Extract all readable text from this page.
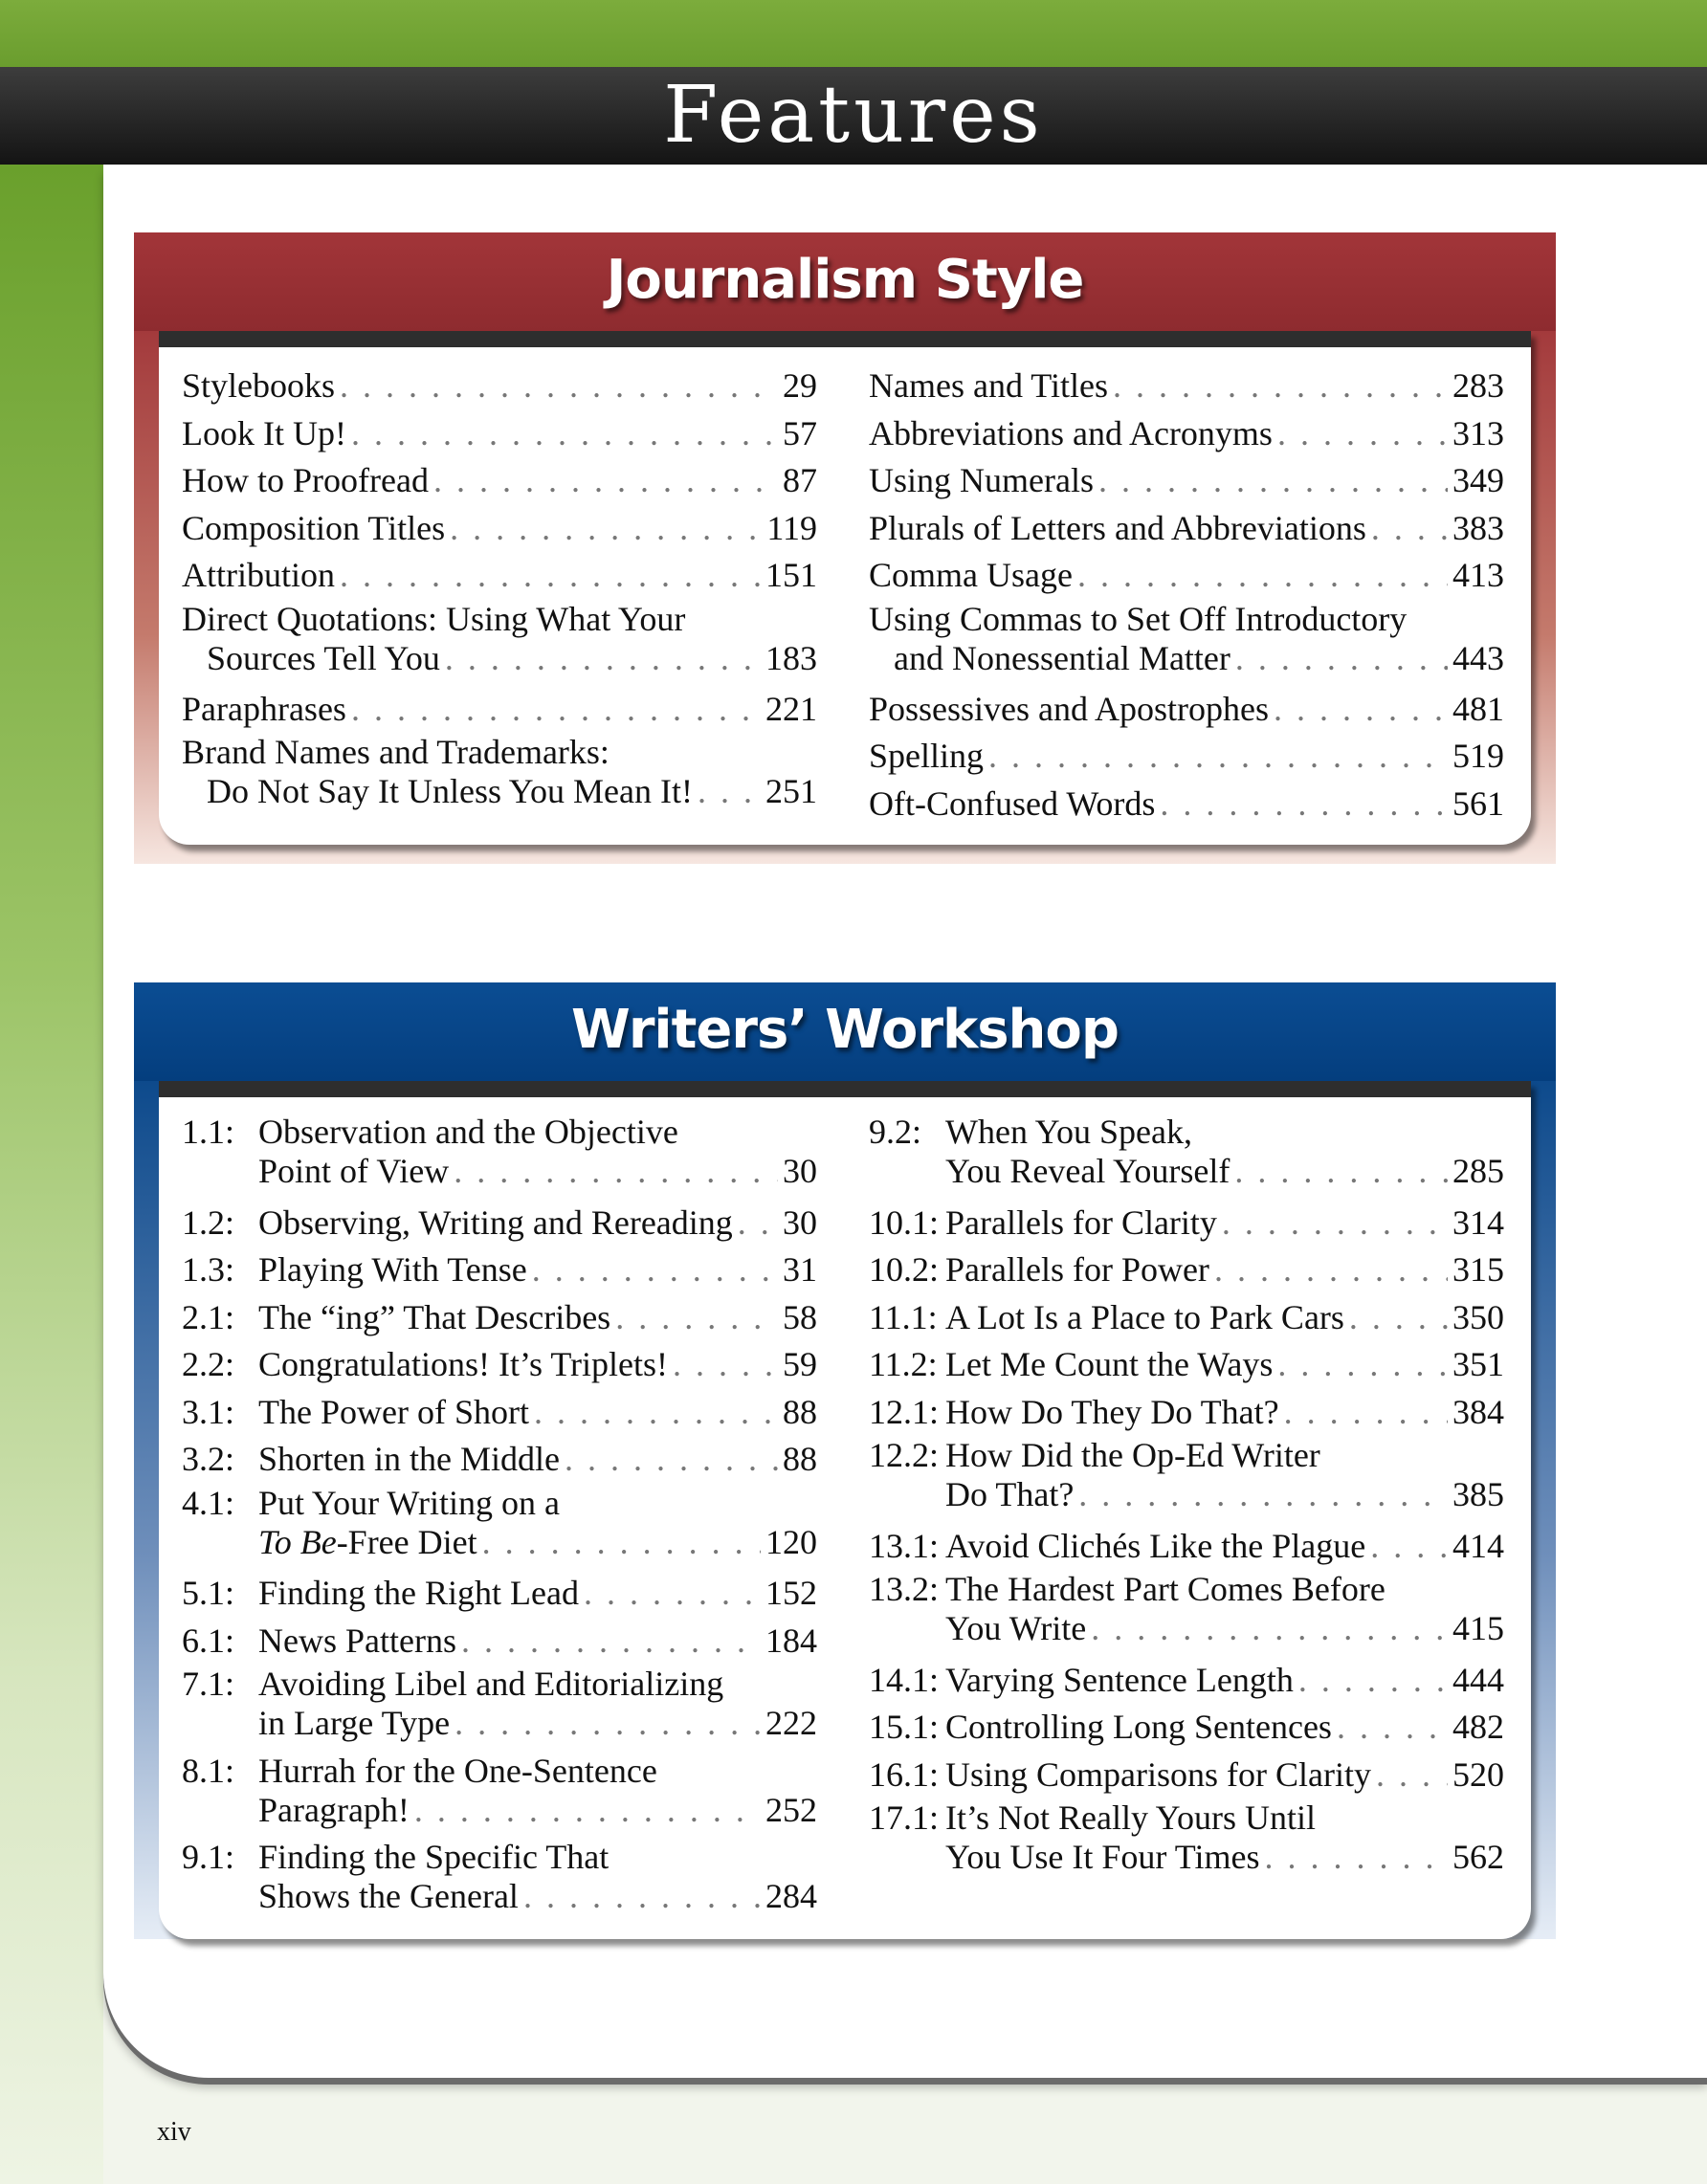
Features
Journalism Style
Stylebooks . . .	29
Look It Up! . . .	57
How to Proofread . . .	87
Composition Titles . . .	119
Attribution . . .	151
Direct Quotations: Using What Your
Sources Tell You . . .	183
Paraphrases . . .	221
Brand Names and Trademarks:
Do Not Say It Unless You Mean It! . . . 251
Names and Titles . . .	283
Abbreviations and Acronyms . . .	313
Using Numerals . . .	349
Plurals of Letters and Abbreviations . . .	383
Comma Usage . . .	413
Using Commas to Set Off Introductory
and Nonessential Matter . . .	443
Possessives and Apostrophes . . .	481
Spelling . . .	519
Oft-Confused Words . . .	561
Writers’ Workshop
1.1: Observation and the Objective
Point of View . . .	30
1.2: Observing, Writing and Rereading . . . 30
1.3: Playing With Tense . . .	31
2.1: The “ing” That Describes . . .	58
2.2: Congratulations! It’s Triplets! . . .	59
3.1: The Power of Short . . .	88
3.2: Shorten in the Middle . . .	88
4.1: Put Your Writing on a
To Be-Free Diet . . .	120
5.1: Finding the Right Lead . . .	152
6.1: News Patterns . . .	184
7.1: Avoiding Libel and Editorializing
in Large Type . . .	222
8.1: Hurrah for the One-Sentence
Paragraph! . . .	252
9.1: Finding the Specific That
Shows the General . . .	284
9.2: When You Speak,
You Reveal Yourself . . .	285
10.1: Parallels for Clarity . . .	314
10.2: Parallels for Power . . .	315
11.1: A Lot Is a Place to Park Cars . . .	350
11.2: Let Me Count the Ways . . .	351
12.1: How Do They Do That? . . .	384
12.2: How Did the Op-Ed Writer
Do That? . . .	385
13.1: Avoid Clichés Like the Plague . . .	414
13.2: The Hardest Part Comes Before
You Write . . .	415
14.1: Varying Sentence Length . . .	444
15.1: Controlling Long Sentences . . .	482
16.1: Using Comparisons for Clarity . . . 520
17.1: It’s Not Really Yours Until
You Use It Four Times . . .	562
xiv
